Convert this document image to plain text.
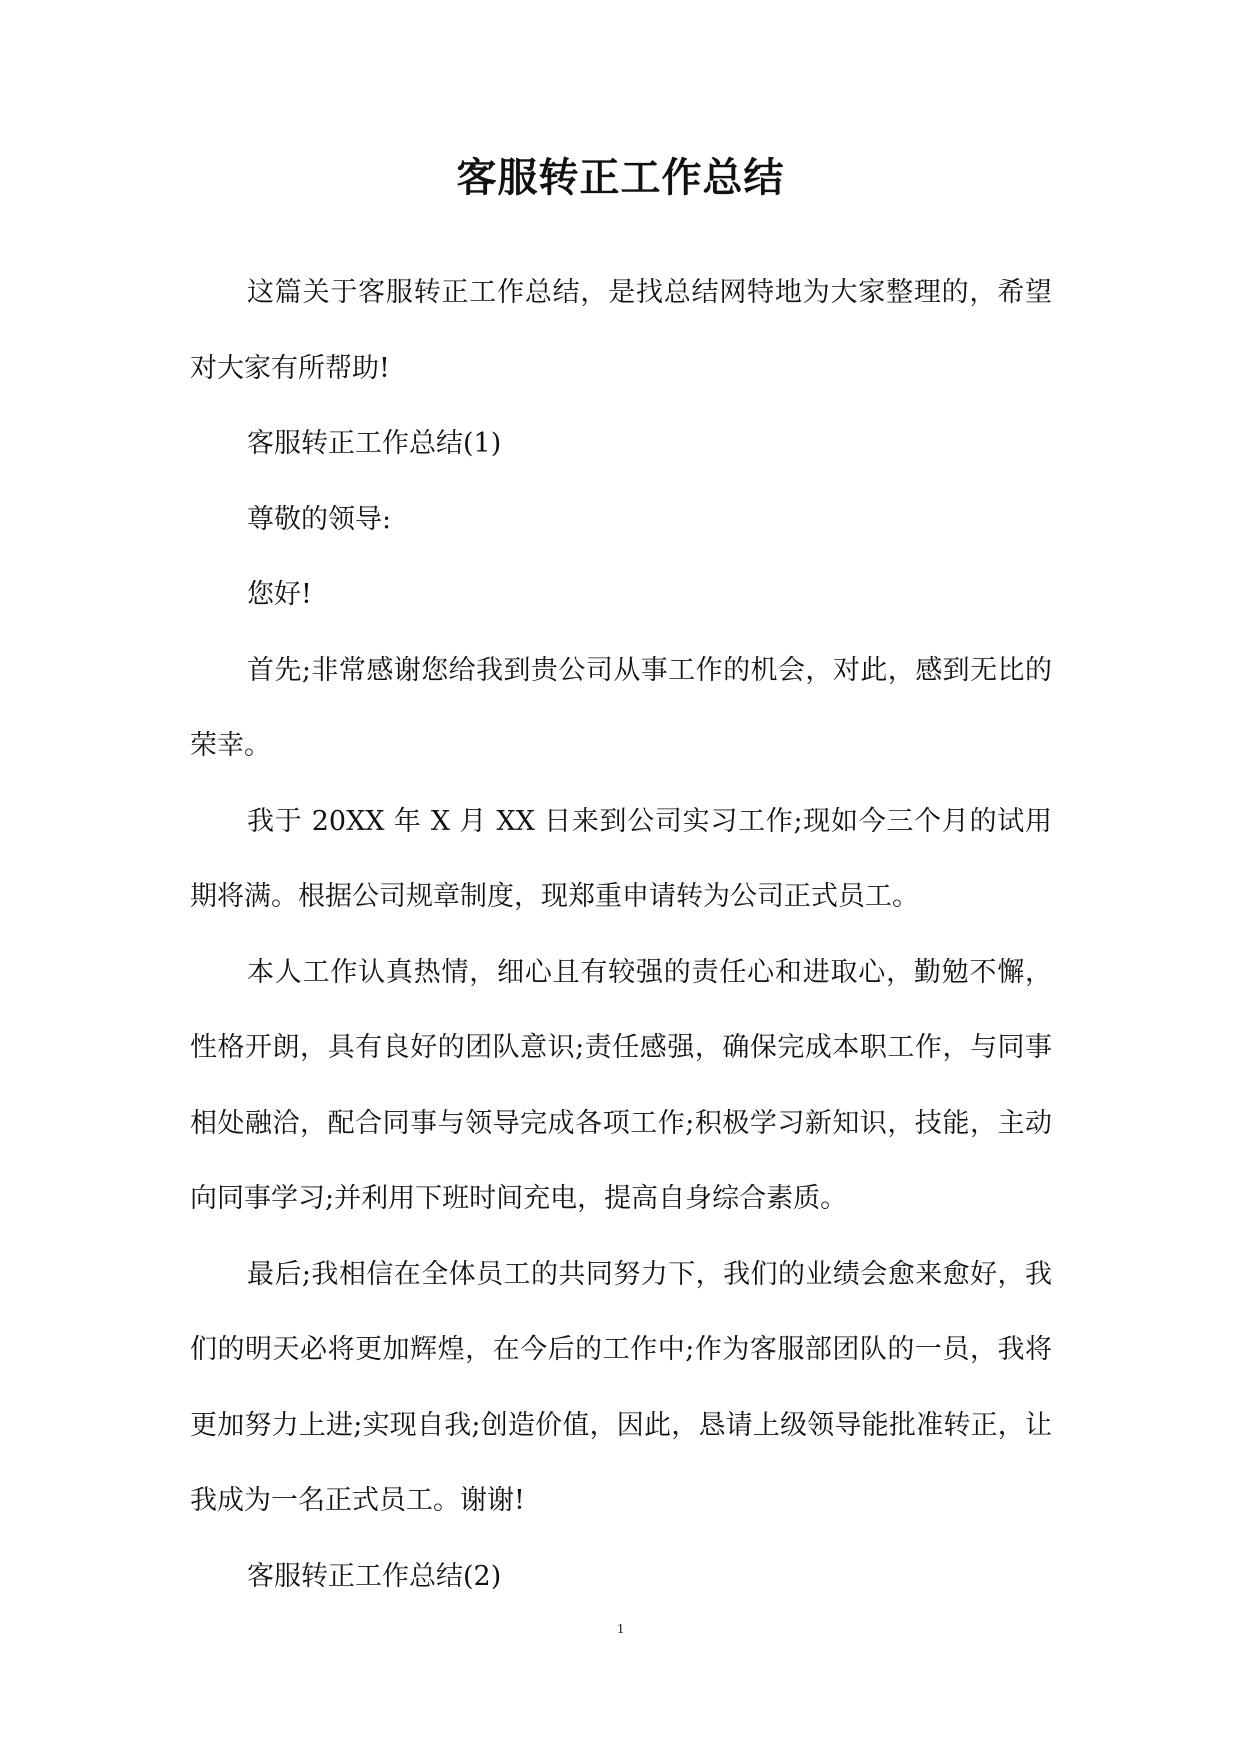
客服转正工作总结

这篇关于客服转正工作总结，是找总结网特地为大家整理的，希望对大家有所帮助!

客服转正工作总结(1)

尊敬的领导:

您好!

首先;非常感谢您给我到贵公司从事工作的机会，对此，感到无比的荣幸。

我于 20XX 年 X 月 XX 日来到公司实习工作;现如今三个月的试用期将满。根据公司规章制度，现郑重申请转为公司正式员工。

本人工作认真热情，细心且有较强的责任心和进取心，勤勉不懈，性格开朗，具有良好的团队意识;责任感强，确保完成本职工作，与同事相处融洽，配合同事与领导完成各项工作;积极学习新知识，技能，主动向同事学习;并利用下班时间充电，提高自身综合素质。

最后;我相信在全体员工的共同努力下，我们的业绩会愈来愈好，我们的明天必将更加辉煌，在今后的工作中;作为客服部团队的一员，我将更加努力上进;实现自我;创造价值，因此，恳请上级领导能批准转正，让我成为一名正式员工。谢谢!

客服转正工作总结(2)

1
